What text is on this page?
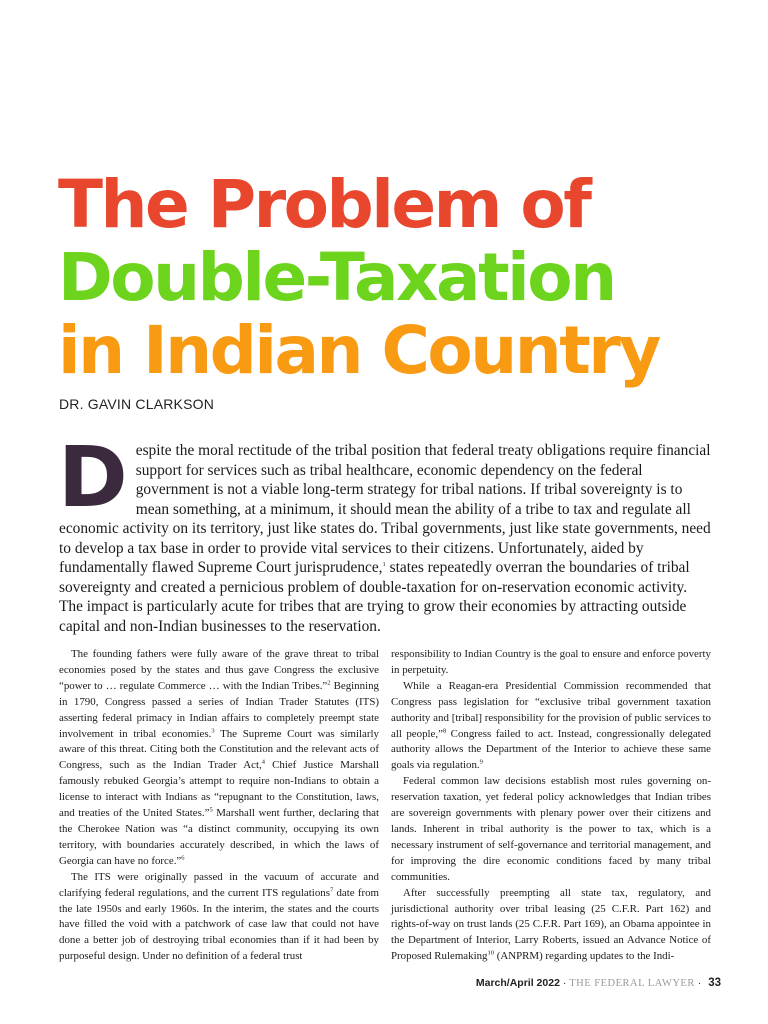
The Problem of
Double-Taxation
in Indian Country
DR. GAVIN CLARKSON

Despite the moral rectitude of the tribal position that federal treaty obligations require financial support for services such as tribal healthcare, economic dependency on the federal government is not a viable long-term strategy for tribal nations. If tribal sovereignty is to mean something, at a minimum, it should mean the ability of a tribe to tax and regulate all economic activity on its territory, just like states do. Tribal governments, just like state governments, need to develop a tax base in order to provide vital services to their citizens. Unfortunately, aided by fundamentally flawed Supreme Court jurisprudence,$^1$ states repeatedly overran the boundaries of tribal sovereignty and created a pernicious problem of double-taxation for on-reservation economic activity. The impact is particularly acute for tribes that are trying to grow their economies by attracting outside capital and non-Indian businesses to the reservation.

The founding fathers were fully aware of the grave threat to tribal economies posed by the states and thus gave Congress the exclusive “power to … regulate Commerce … with the Indian Tribes.”$^2$ Beginning in 1790, Congress passed a series of Indian Trader Statutes (ITS) asserting federal primacy in Indian affairs to completely preempt state involvement in tribal economies.$^3$ The Supreme Court was similarly aware of this threat. Citing both the Constitution and the relevant acts of Congress, such as the Indian Trader Act,$^4$ Chief Justice Marshall famously rebuked Georgia’s attempt to require non-Indians to obtain a license to interact with Indians as “repugnant to the Constitution, laws, and treaties of the United States.”$^5$ Marshall went further, declaring that the Cherokee Nation was “a distinct community, occupying its own territory, with boundaries accurately described, in which the laws of Georgia can have no force.”$^6$

The ITS were originally passed in the vacuum of accurate and clarifying federal regulations, and the current ITS regulations$^7$ date from the late 1950s and early 1960s. In the interim, the states and the courts have filled the void with a patchwork of case law that could not have done a better job of destroying tribal economies than if it had been by purposeful design. Under no definition of a federal trust

responsibility to Indian Country is the goal to ensure and enforce poverty in perpetuity.

While a Reagan-era Presidential Commission recommended that Congress pass legislation for “exclusive tribal government taxation authority and [tribal] responsibility for the provision of public services to all people,”$^8$ Congress failed to act. Instead, congressionally delegated authority allows the Department of the Interior to achieve these same goals via regulation.$^9$

Federal common law decisions establish most rules governing on-reservation taxation, yet federal policy acknowledges that Indian tribes are sovereign governments with plenary power over their citizens and lands. Inherent in tribal authority is the power to tax, which is a necessary instrument of self-governance and territorial management, and for improving the dire economic conditions faced by many tribal communities.

After successfully preempting all state tax, regulatory, and jurisdictional authority over tribal leasing (25 C.F.R. Part 162) and rights-of-way on trust lands (25 C.F.R. Part 169), an Obama appointee in the Department of Interior, Larry Roberts, issued an Advance Notice of Proposed Rulemaking$^{10}$ (ANPRM) regarding updates to the Indi-

March/April 2022 · THE FEDERAL LAWYER · 33
